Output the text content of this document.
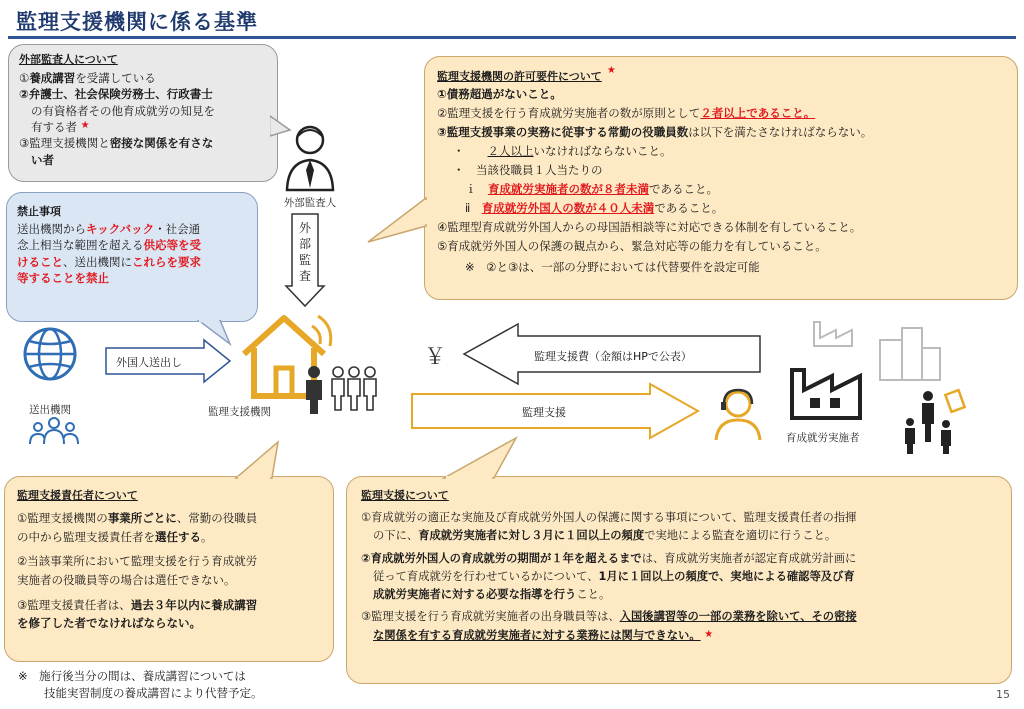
監理支援機関に係る基準
外部監査人について
①養成講習を受講している
②弁護士、社会保険労務士、行政書士
の有資格者その他育成就労の知見を
有する者 ★
③監理支援機関と密接な関係を有さな
い者
外部監査人
外
部
監
査
禁止事項
送出機関からキックバック・社会通
念上相当な範囲を超える供応等を受
けること、送出機関にこれらを要求
等することを禁止
監理支援機関の許可要件について ★
①債務超過がないこと。
②監理支援を行う育成就労実施者の数が原則として２者以上であること。
③監理支援事業の実務に従事する常勤の役職員数は以下を満たさなければならない。
・　　 ２人以上いなければならないこと。
・　当該役職員１人当たりの
ｉ　 育成就労実施者の数が８者未満であること。
ⅱ　 育成就労外国人の数が４０人未満であること。
④監理型育成就労外国人からの母国語相談等に対応できる体制を有していること。
⑤育成就労外国人の保護の観点から、緊急対応等の能力を有していること。
※　②と③は、一部の分野においては代替要件を設定可能
送出機関
外国人送出し
監理支援機関
￥	監理支援費（金額はHPで公表）
監理支援
育成就労実施者
監理支援責任者について
①監理支援機関の事業所ごとに、常勤の役職員
の中から監理支援責任者を選任する。
②当該事業所において監理支援を行う育成就労
実施者の役職員等の場合は選任できない。
③監理支援責任者は、過去３年以内に養成講習
を修了した者でなければならない。
※　施行後当分の間は、養成講習については
技能実習制度の養成講習により代替予定。
監理支援について
①育成就労の適正な実施及び育成就労外国人の保護に関する事項について、監理支援責任者の指揮
の下に、育成就労実施者に対し３月に１回以上の頻度で実地による監査を適切に行うこと。
②育成就労外国人の育成就労の期間が１年を超えるまでは、育成就労実施者が認定育成就労計画に
従って育成就労を行わせているかについて、1月に１回以上の頻度で、実地による確認等及び育
成就労実施者に対する必要な指導を行うこと。
③監理支援を行う育成就労実施者の出身職員等は、入国後講習等の一部の業務を除いて、その密接
な関係を有する育成就労実施者に対する業務には関与できない。 ★
15
